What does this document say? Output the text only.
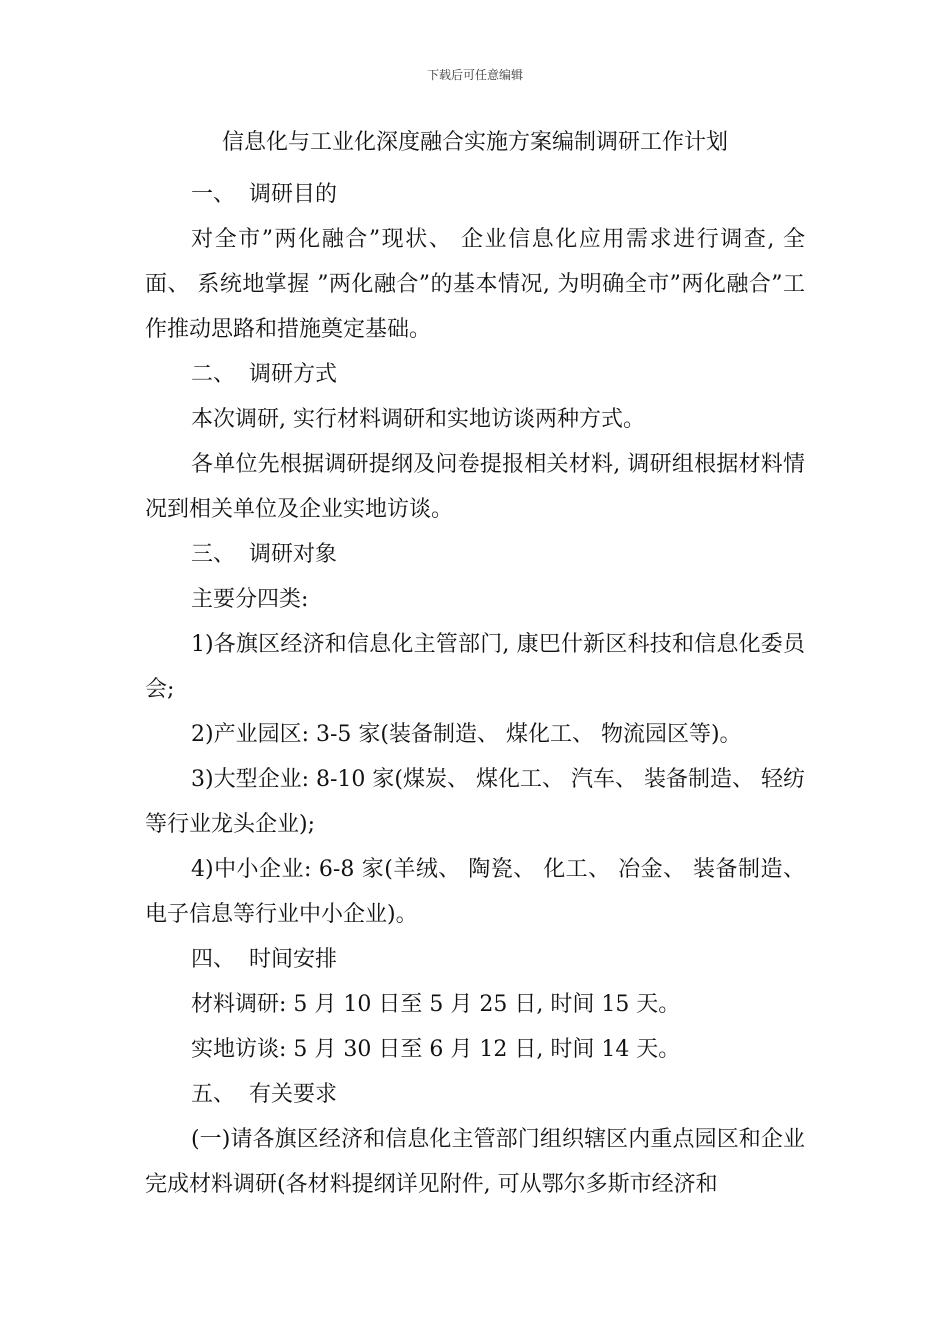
下载后可任意编辑
信息化与工业化深度融合实施方案编制调研工作计划
一、 调研目的

对全市”两化融合”现状、 企业信息化应用需求进行调查, 全面、 系统地掌握 ”两化融合”的基本情况, 为明确全市”两化融合”工作推动思路和措施奠定基础。

二、 调研方式

本次调研, 实行材料调研和实地访谈两种方式。

各单位先根据调研提纲及问卷提报相关材料, 调研组根据材料情况到相关单位及企业实地访谈。

三、 调研对象

主要分四类:

1)各旗区经济和信息化主管部门, 康巴什新区科技和信息化委员会;

2)产业园区: 3-5 家(装备制造、 煤化工、 物流园区等)。

3)大型企业: 8-10 家(煤炭、 煤化工、 汽车、 装备制造、 轻纺等行业龙头企业);

4)中小企业: 6-8 家(羊绒、 陶瓷、 化工、 冶金、 装备制造、 电子信息等行业中小企业)。

四、 时间安排

材料调研: 5 月 10 日至 5 月 25 日, 时间 15 天。

实地访谈: 5 月 30 日至 6 月 12 日, 时间 14 天。

五、 有关要求

(一)请各旗区经济和信息化主管部门组织辖区内重点园区和企业完成材料调研(各材料提纲详见附件, 可从鄂尔多斯市经济和
